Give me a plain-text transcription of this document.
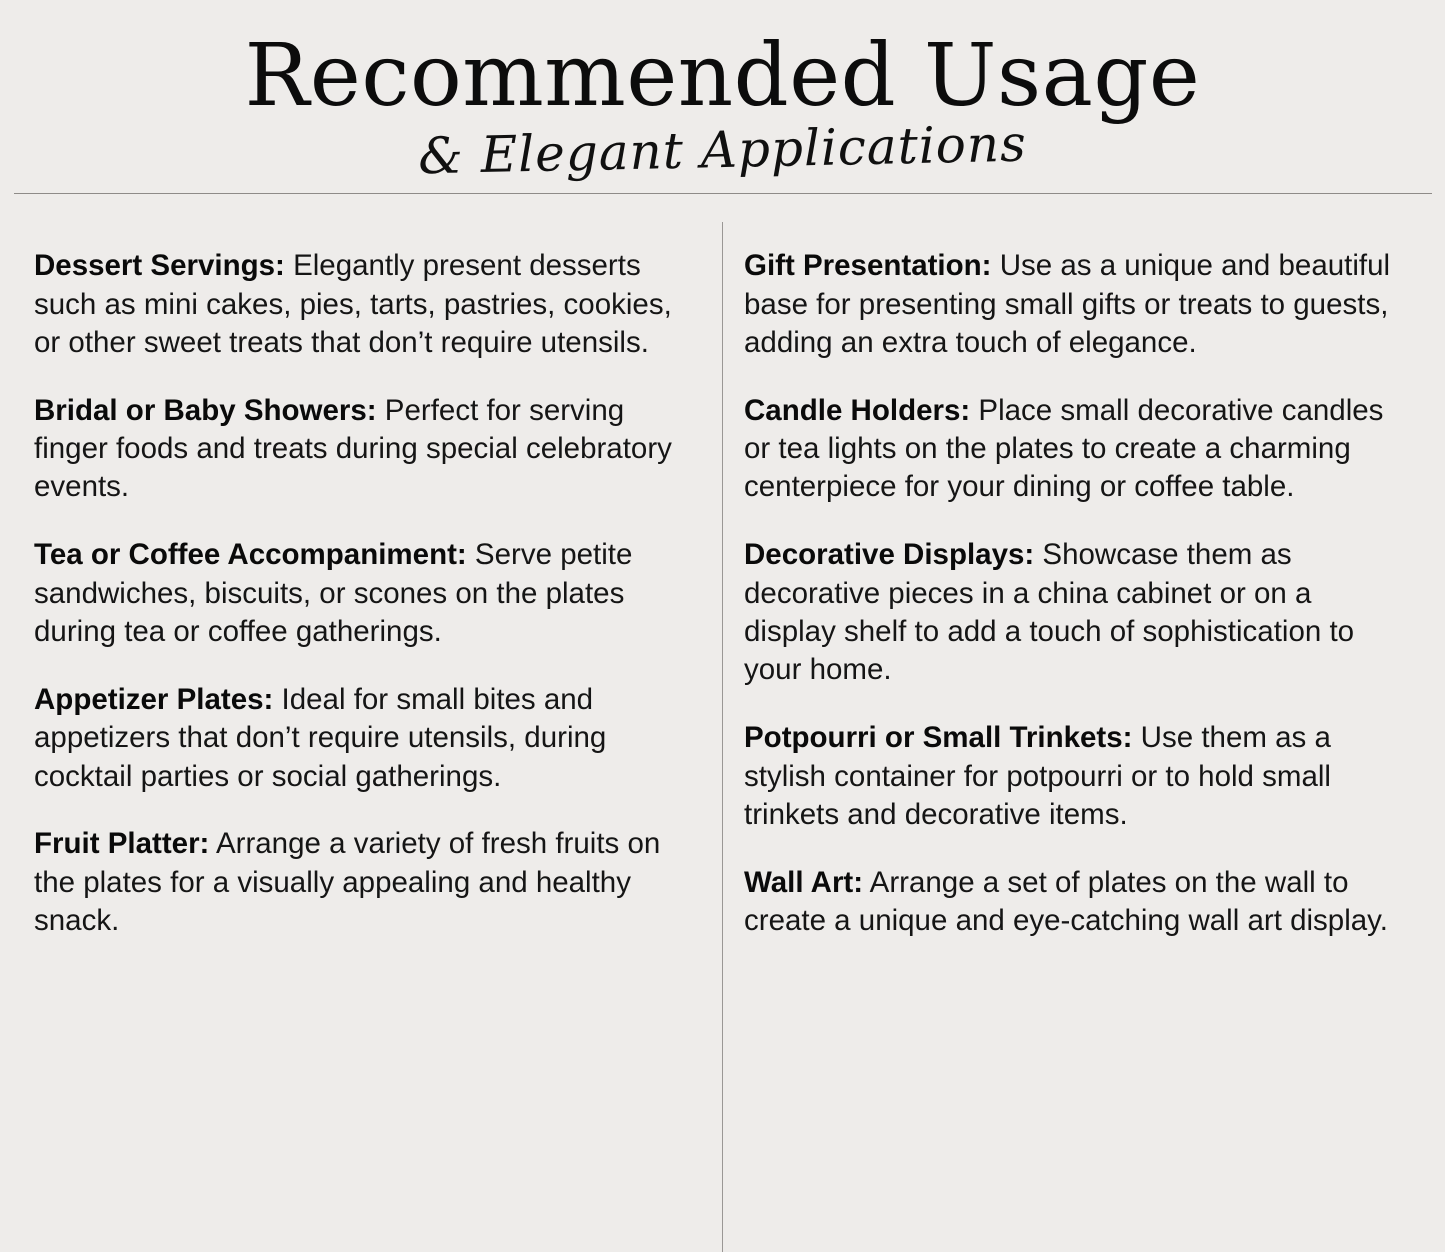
Recommended Usage
& Elegant Applications

Dessert Servings: Elegantly present desserts such as mini cakes, pies, tarts, pastries, cookies, or other sweet treats that don’t require utensils.

Bridal or Baby Showers: Perfect for serving finger foods and treats during special celebratory events.

Tea or Coffee Accompaniment: Serve petite sandwiches, biscuits, or scones on the plates during tea or coffee gatherings.

Appetizer Plates: Ideal for small bites and appetizers that don’t require utensils, during cocktail parties or social gatherings.

Fruit Platter: Arrange a variety of fresh fruits on the plates for a visually appealing and healthy snack.

Gift Presentation: Use as a unique and beautiful base for presenting small gifts or treats to guests, adding an extra touch of elegance.

Candle Holders: Place small decorative candles or tea lights on the plates to create a charming centerpiece for your dining or coffee table.

Decorative Displays: Showcase them as decorative pieces in a china cabinet or on a display shelf to add a touch of sophistication to your home.

Potpourri or Small Trinkets: Use them as a stylish container for potpourri or to hold small trinkets and decorative items.

Wall Art: Arrange a set of plates on the wall to create a unique and eye-catching wall art display.
